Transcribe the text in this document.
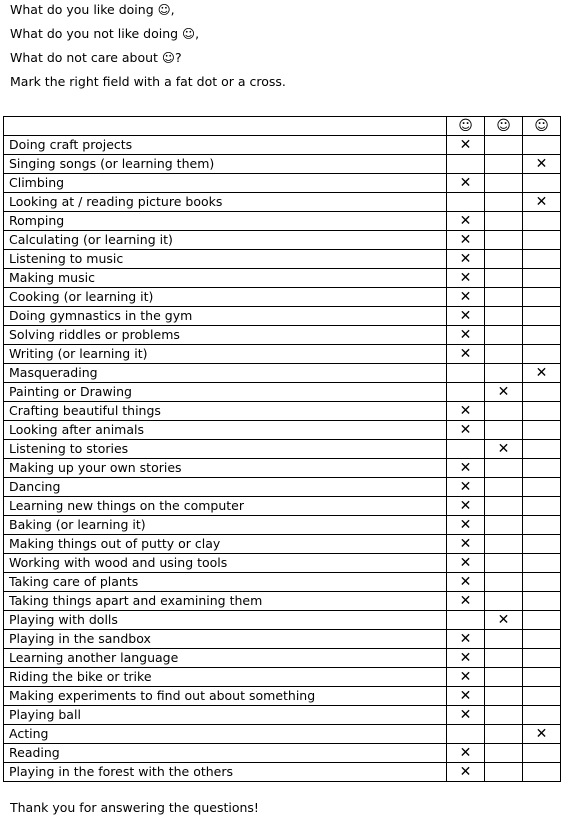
What do you like doing ☺,

What do you not like doing ☺,

What do not care about ☺?

Mark the right field with a fat dot or a cross.

	☺	☺	☺
Doing craft projects	✕		
Singing songs (or learning them)			✕
Climbing	✕		
Looking at / reading picture books			✕
Romping	✕		
Calculating (or learning it)	✕		
Listening to music	✕		
Making music	✕		
Cooking (or learning it)	✕		
Doing gymnastics in the gym	✕		
Solving riddles or problems	✕		
Writing (or learning it)	✕		
Masquerading			✕
Painting or Drawing		✕	
Crafting beautiful things	✕		
Looking after animals	✕		
Listening to stories		✕	
Making up your own stories	✕		
Dancing	✕		
Learning new things on the computer	✕		
Baking (or learning it)	✕		
Making things out of putty or clay	✕		
Working with wood and using tools	✕		
Taking care of plants	✕		
Taking things apart and examining them	✕		
Playing with dolls		✕	
Playing in the sandbox	✕		
Learning another language	✕		
Riding the bike or trike	✕		
Making experiments to find out about something	✕		
Playing ball	✕		
Acting			✕
Reading	✕		
Playing in the forest with the others	✕		

Thank you for answering the questions!
